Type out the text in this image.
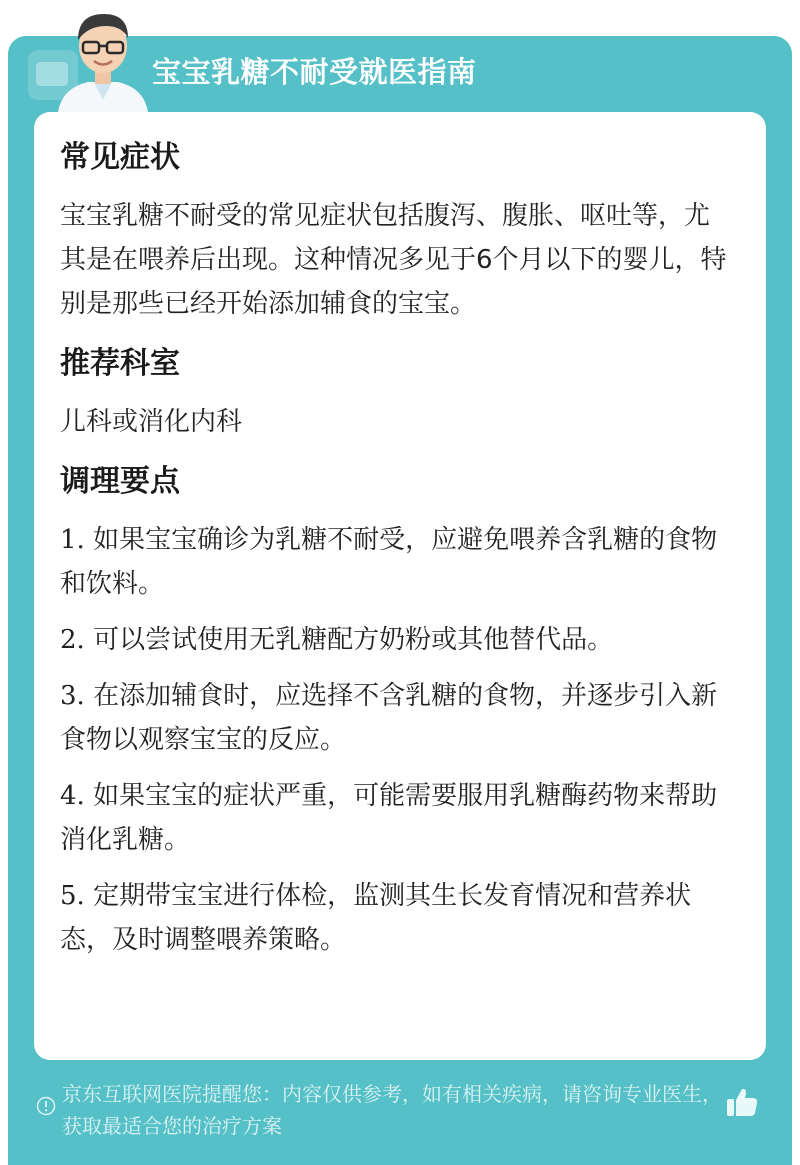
宝宝乳糖不耐受就医指南
常见症状

宝宝乳糖不耐受的常见症状包括腹泻、腹胀、呕吐等，尤其是在喂养后出现。这种情况多见于6个月以下的婴儿，特别是那些已经开始添加辅食的宝宝。

推荐科室

儿科或消化内科

调理要点
1. 如果宝宝确诊为乳糖不耐受，应避免喂养含乳糖的食物和饮料。
2. 可以尝试使用无乳糖配方奶粉或其他替代品。
3. 在添加辅食时，应选择不含乳糖的食物，并逐步引入新食物以观察宝宝的反应。
4. 如果宝宝的症状严重，可能需要服用乳糖酶药物来帮助消化乳糖。
5. 定期带宝宝进行体检，监测其生长发育情况和营养状态，及时调整喂养策略。
京东互联网医院提醒您：内容仅供参考，如有相关疾病，请咨询专业医生，获取最适合您的治疗方案
